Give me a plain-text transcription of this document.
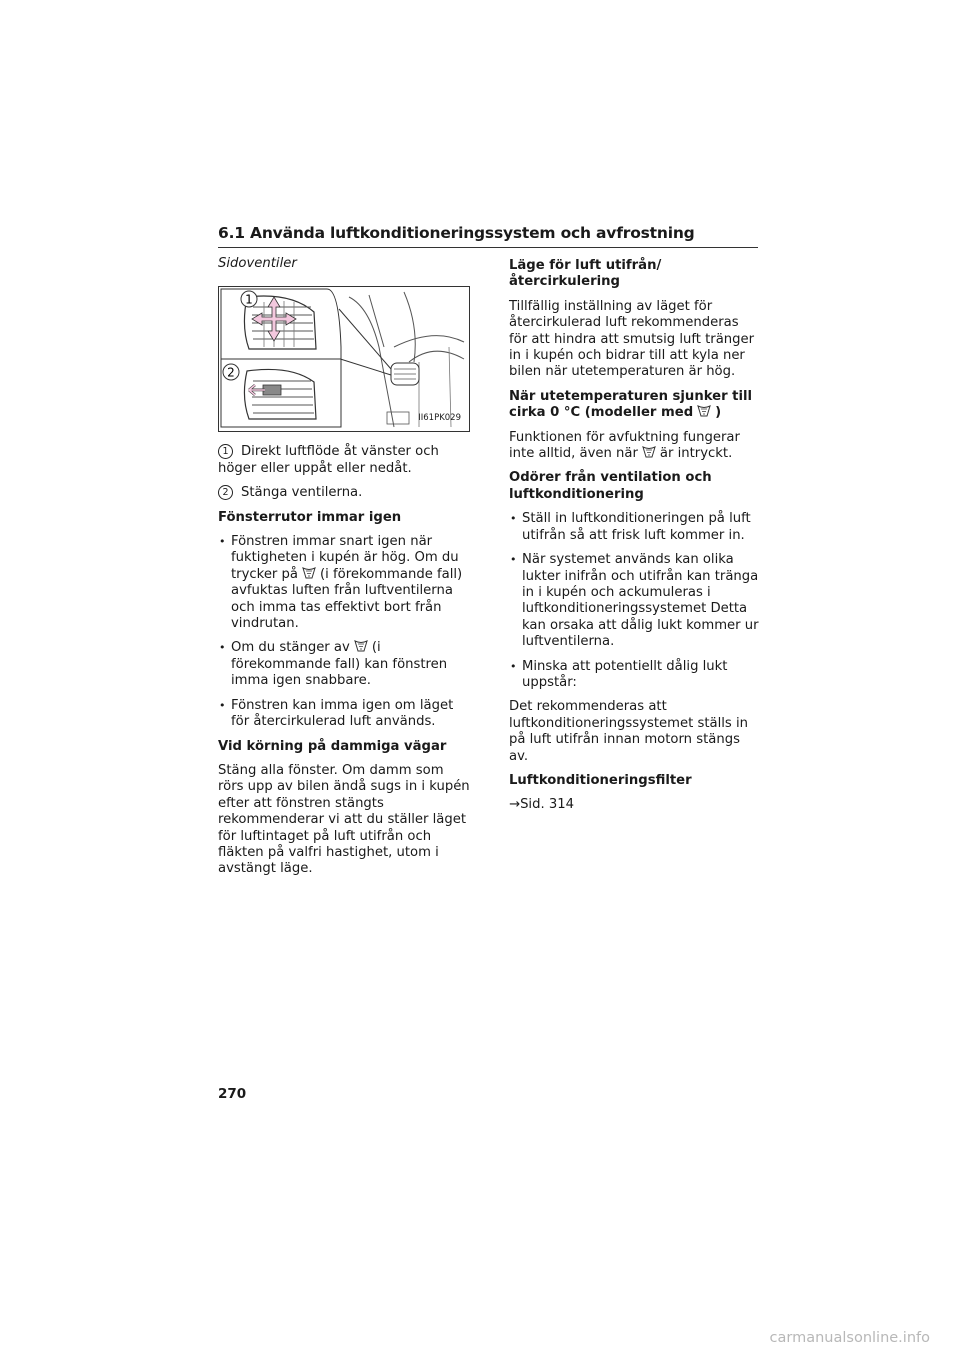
6.1 Använda luftkonditioneringssystem och avfrostning

Sidoventiler

1
2
II61PK029

1 Direkt luftflöde åt vänster och höger eller uppåt eller nedåt.

2 Stänga ventilerna.

Fönsterrutor immar igen

• Fönstren immar snart igen när fuktigheten i kupén är hög. Om du trycker på (i förekommande fall) avfuktas luften från luftventilerna och imma tas effektivt bort från vindrutan.
• Om du stänger av (i förekommande fall) kan fönstren imma igen snabbare.
• Fönstren kan imma igen om läget för återcirkulerad luft används.

Vid körning på dammiga vägar

Stäng alla fönster. Om damm som rörs upp av bilen ändå sugs in i kupén efter att fönstren stängts rekommenderar vi att du ställer läget för luftintaget på luft utifrån och fläkten på valfri hastighet, utom i avstängt läge.

Läge för luft utifrån/återcirkulering

Tillfällig inställning av läget för återcirkulerad luft rekommenderas för att hindra att smutsig luft tränger in i kupén och bidrar till att kyla ner bilen när utetemperaturen är hög.

När utetemperaturen sjunker till cirka 0 °C (modeller med )

Funktionen för avfuktning fungerar inte alltid, även när är intryckt.

Odörer från ventilation och luftkonditionering

• Ställ in luftkonditioneringen på luft utifrån så att frisk luft kommer in.
• När systemet används kan olika lukter inifrån och utifrån kan tränga in i kupén och ackumuleras i luftkonditioneringssystemet Detta kan orsaka att dålig lukt kommer ur luftventilerna.
• Minska att potentiellt dålig lukt uppstår:

Det rekommenderas att luftkonditioneringssystemet ställs in på luft utifrån innan motorn stängs av.

Luftkonditioneringsfilter

→Sid. 314

270
carmanualsonline.info
